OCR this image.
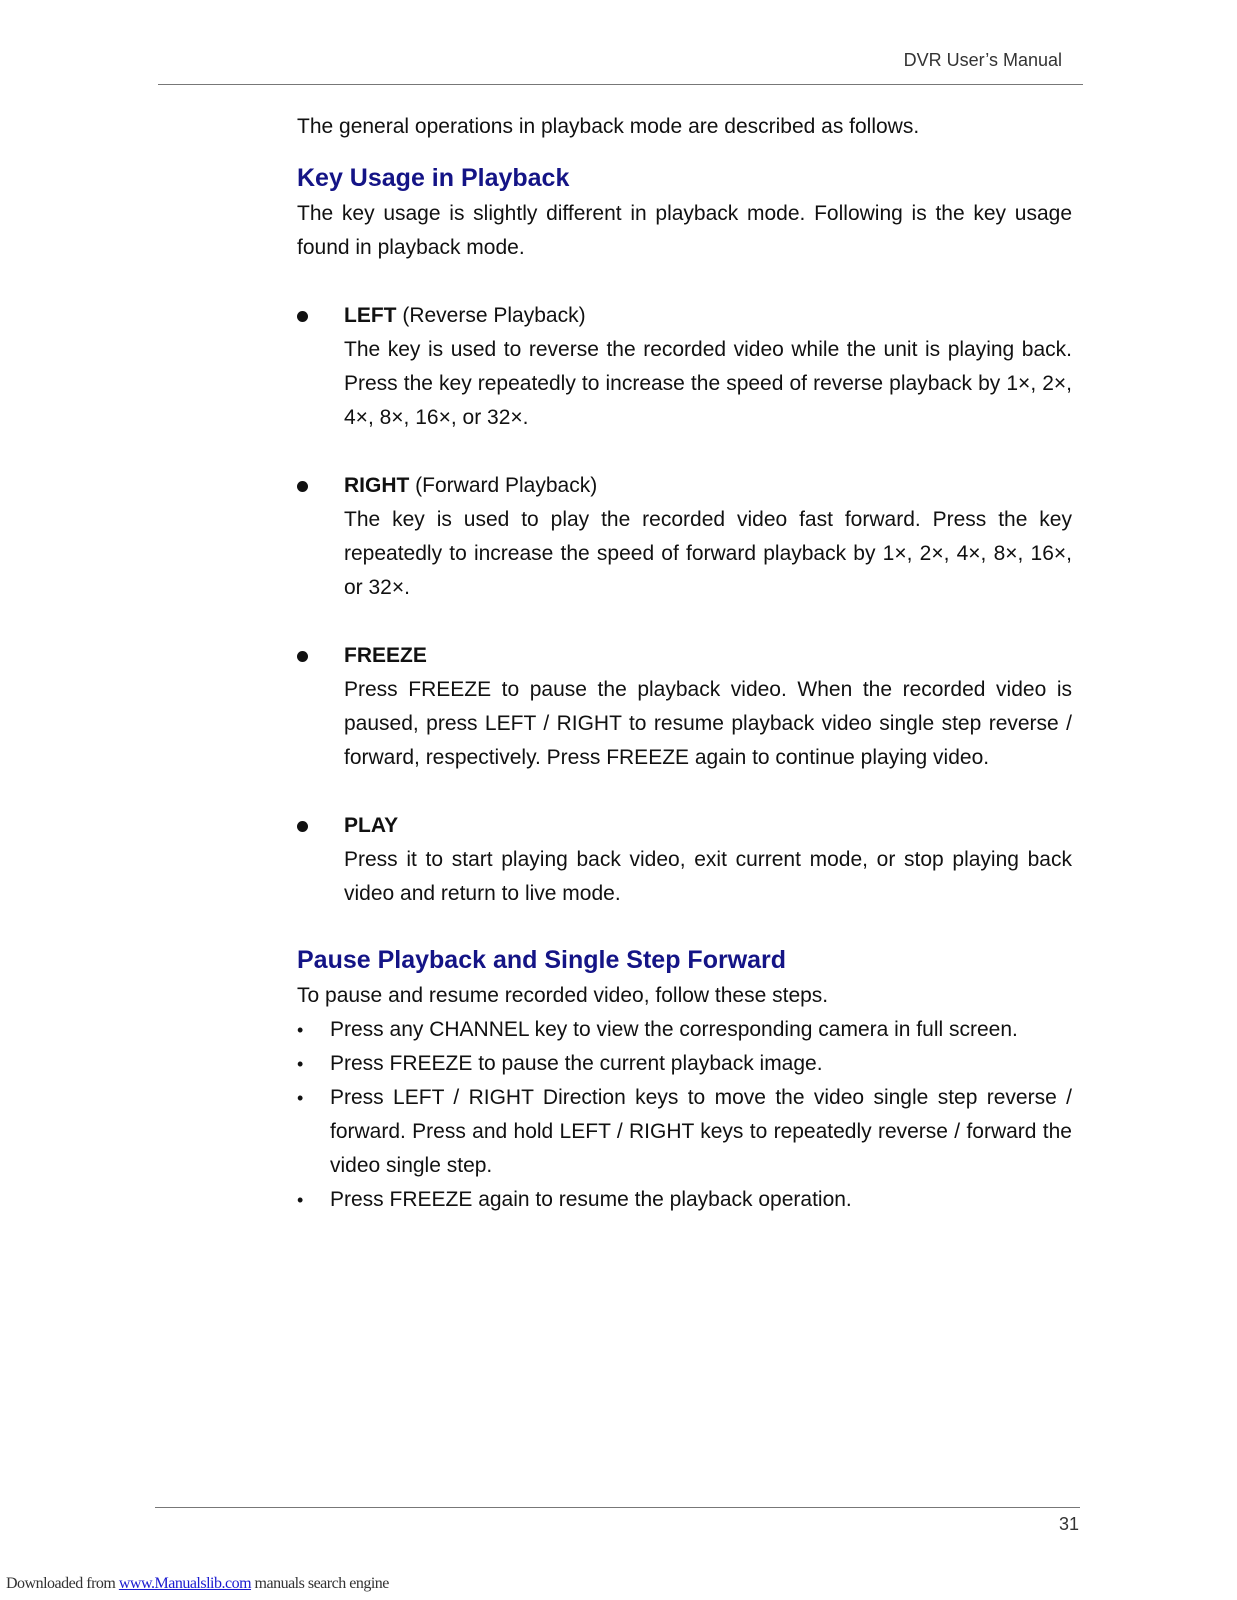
DVR User’s Manual

The general operations in playback mode are described as follows.

Key Usage in Playback

The key usage is slightly different in playback mode. Following is the key usage found in playback mode.

LEFT (Reverse Playback)

The key is used to reverse the recorded video while the unit is playing back. Press the key repeatedly to increase the speed of reverse playback by 1×, 2×, 4×, 8×, 16×, or 32×.

RIGHT (Forward Playback)

The key is used to play the recorded video fast forward. Press the key repeatedly to increase the speed of forward playback by 1×, 2×, 4×, 8×, 16×, or 32×.

FREEZE

Press FREEZE to pause the playback video. When the recorded video is paused, press LEFT / RIGHT to resume playback video single step reverse / forward, respectively. Press FREEZE again to continue playing video.

PLAY

Press it to start playing back video, exit current mode, or stop playing back video and return to live mode.

Pause Playback and Single Step Forward

To pause and resume recorded video, follow these steps.

• Press any CHANNEL key to view the corresponding camera in full screen.
• Press FREEZE to pause the current playback image.
• Press LEFT / RIGHT Direction keys to move the video single step reverse / forward. Press and hold LEFT / RIGHT keys to repeatedly reverse / forward the video single step.
• Press FREEZE again to resume the playback operation.
31
Downloaded from www.Manualslib.com manuals search engine
